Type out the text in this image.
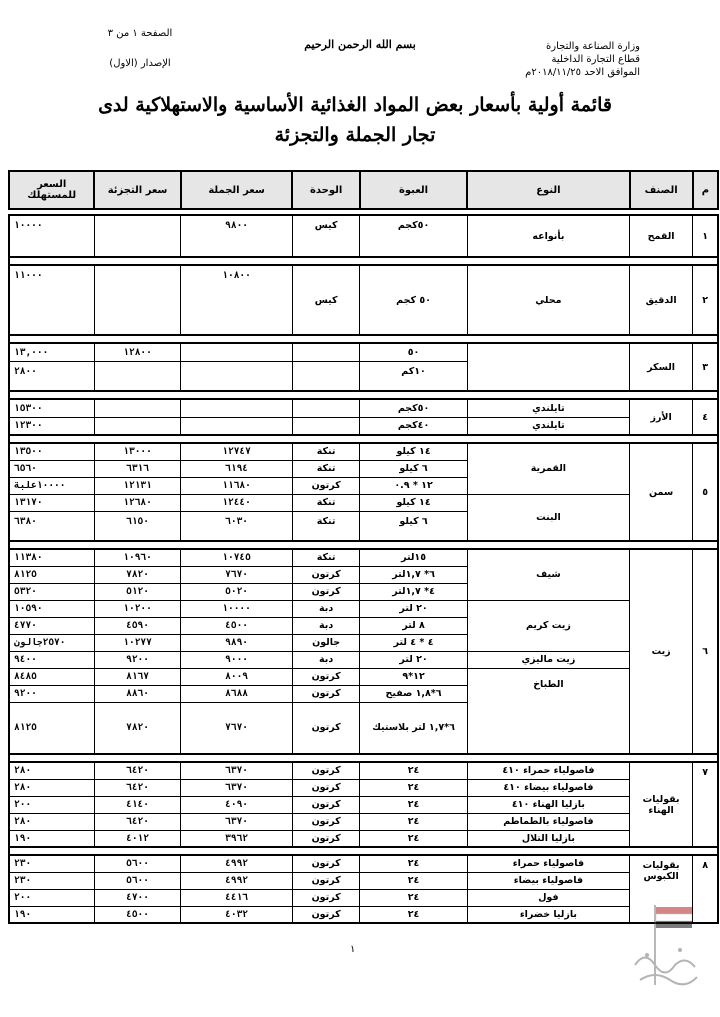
الصفحة ١ من ٣
الإصدار (الاول)
بسم الله الرحمن الرحيم	وزارة الصناعة والتجارة
قطاع التجارة الداخلية
الموافق الاحد ٢٠١٨/١١/٢٥م
قائمة أولية بأسعار بعض المواد الغذائية الأساسية والاستهلاكية لدى
تجار الجملة والتجزئة
م	الصنف	النوع	العبوة	الوحدة	سعر الجملة	سعر التجزئة	السعر للمستهلك

١	القمح	بأنواعه	٥٠كجم	كيس	٩٨٠٠		١٠٠٠٠

٢	الدقيق	محلي	٥٠ كجم	كيس	١٠٨٠٠		١١٠٠٠

٣	السكر		٥٠			١٢٨٠٠	١٣,٠٠٠
			١٠كم				٢٨٠٠

٤	الأرز	تايلندي	٥٠كجم				١٥٣٠٠
		تايلندي	٤٠كجم				١٢٣٠٠

٥	سمن	القمرية	١٤ كيلو	تنكة	١٢٧٤٧	١٣٠٠٠	١٣٥٠٠
			٦ كيلو	تنكة	٦١٩٤	٦٣١٦	٦٥٦٠
			١٢ * ٠.٩	كرتون	١١٦٨٠	١٢١٣١	١٠٠٠٠علبة
		البنت	١٤ كيلو	تنكة	١٢٤٤٠	١٢٦٨٠	١٣١٧٠
			٦ كيلو	تنكة	٦٠٣٠	٦١٥٠	٦٣٨٠

٦	زيت	شيف	١٥لتر	تنكة	١٠٧٤٥	١٠٩٦٠	١١٣٨٠
			٦* ١,٧لتر	كرتون	٧٦٧٠	٧٨٢٠	٨١٢٥
			٤* ١,٧لتر	كرتون	٥٠٢٠	٥١٢٠	٥٣٢٠
		زيت كريم	٢٠ لتر	دبة	١٠٠٠٠	١٠٢٠٠	١٠٥٩٠
			٨ لتر	دبة	٤٥٠٠	٤٥٩٠	٤٧٧٠
			٤ * ٤ لتر	جالون	٩٨٩٠	١٠٢٧٧	٢٥٧٠جالون
		زيت ماليزي	٢٠ لتر	دبة	٩٠٠٠	٩٢٠٠	٩٤٠٠
		الطباخ	١٢*٩	كرتون	٨٠٠٩	٨١٦٧	٨٤٨٥
			٦*١,٨ صفيح	كرتون	٨٦٨٨	٨٨٦٠	٩٢٠٠
			٦*١,٧ لتر بلاستيك	كرتون	٧٦٧٠	٧٨٢٠	٨١٢٥

٧	بقوليات الهناء	فاصولياء حمراء ٤١٠	٢٤	كرتون	٦٣٧٠	٦٤٢٠	٢٨٠
		فاصولياء بيضاء ٤١٠	٢٤	كرتون	٦٣٧٠	٦٤٢٠	٢٨٠
		بازليا الهناء ٤١٠	٢٤	كرتون	٤٠٩٠	٤١٤٠	٢٠٠
		فاصولياء بالطماطم	٢٤	كرتون	٦٣٧٠	٦٤٢٠	٢٨٠
		بازليا التلال	٢٤	كرتون	٣٩٦٢	٤٠١٢	١٩٠

٨	بقوليات الكبوس	فاصولياء حمراء	٢٤	كرتون	٤٩٩٢	٥٦٠٠	٢٣٠
		فاصولياء بيضاء	٢٤	كرتون	٤٩٩٢	٥٦٠٠	٢٣٠
		فول	٢٤	كرتون	٤٤١٦	٤٧٠٠	٢٠٠
		بازليا خضراء	٢٤	كرتون	٤٠٣٢	٤٥٠٠	١٩٠
١
